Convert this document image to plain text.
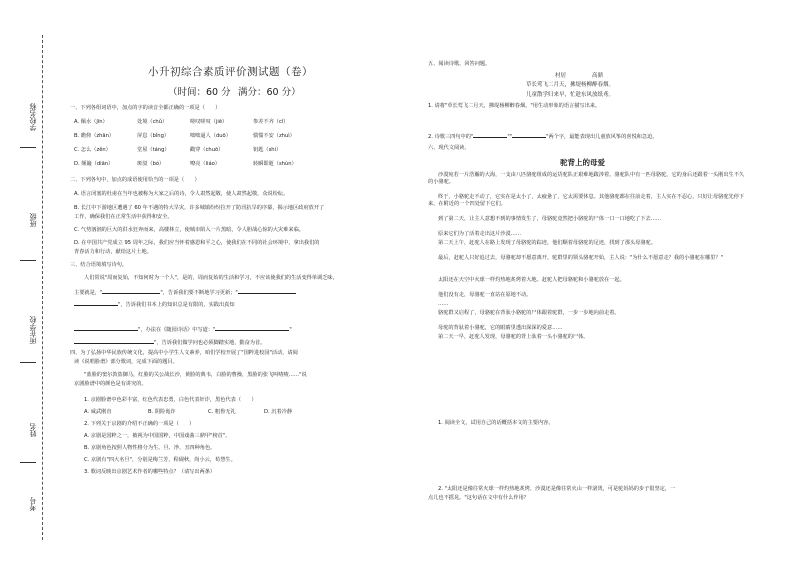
学校名称
班级
所在学校
姓名
考号
小升初综合素质评价测试题（卷）
（时间：60 分 满分：60 分）
一、下列各组词语中，加点的字的读音全都正确的一项是（　　）
A. 佩水（jīn）	处境（chǔ）	嗟叹嗟叹（jiē）	参差不齐（cī）
B. 瞻仰（zhān）	屏息（bǐng）	咄咄逼人（duō）	惴惴不安（zhuì）
C. 怎么（zěn）	堂屋（táng）	戳穿（chuō）	钥匙（shi）
D. 颠簸（diān）	斑驳（bó）	嘹亮（liáo）	转瞬即逝（shùn）
二、下列各句中，加点的成语使用恰当的一项是（　　）
A. 语言闭塞的杜甫在当年也被称为大家之后的诗，令人肃然起敬，使人肃然起敬，众说纷纭。
B. 长江中下游地区遭遇了 60 年不遇的特大旱灾，许多城镇纷纷拉开了防汛抗旱的序幕，揭示地区政府放开了
工作，确保我们在正常生活中获得和安全。
C. 气势汹汹的巨大的洪水狂奔而来，高楼林立，使城市陷入一片黑暗，令人胆战心惊的大灾难来临。
D. 在中国共产党成立 95 周年之际，我们应当怀着感恩和平之心，使我们在不同的社会环境中，拿出我们的
青春活力和行动，献给这片土地。
三、结合语境填写诗句。
人们常说"周而复始，不知何时为一个人"，是的，周而复始的生活和学习，不应该使我们的生活变得单调乏味，
主要就是，"	"，告诉我们要不断地学习更新；"
"，告诉我们书本上的知识总是有限的，实践出真知
"，办法在《随园诗话》中写道："	"
"，告诉我们做学问也必须脚踏实地，勤奋为首。
四、为了弘扬中华民族传统文化，提高中小学生人文素养，咱们学校开展了"国粹进校园"活动，请阅
读《说唱脸谱》部分歌词，完成下面的题目。
"蓝脸的窦尔敦盗御马，红脸的关公战长沙，黄脸的典韦，白脸的曹操，黑脸的张飞叫喳喳……"说
京剧脸谱中的颜色是有讲究的。
1. 京剧脸谱中色彩丰富，红色代表忠勇，白色代表奸诈，黑色代表（　　）
A. 威武刚直	B. 阴险诡诈	C. 粗鲁无礼	D. 沉着冷静
2. 下列关于京剧的介绍不正确的一项是（　　）
A. 京剧是国粹之一，被视为中国国粹，中国戏曲三鼎甲"榜首"。
B. 京剧角色按照人物性格分为生、旦、净、丑四种角色。
C. 京剧有"四大名旦"，分别是梅兰芳，程砚秋，尚小云，荀慧生。
3. 歌词反映出京剧艺术作者的哪些特点？（请写出两条）
五、阅读诗歌，回答问题。
村居	高鼎
草长莺飞二月天，拂堤杨柳醉春烟。
儿童散学归来早，忙趁东风放纸鸢。
1. 请将"草长莺飞二月天，拂堤杨柳醉春烟。"用生动形象的语言描写出来。
2. 诗歌三四句中的"	""	"两个字，最能表现出儿童放风筝的喜悦和急迫。
六、现代文阅读。
驼背上的母爱
沙漠宛若一片浩瀚的大海，一支由八匹骆驼组成的运货驼队正艰难地跋涉着。骆驼队中有一匹母骆驼，它的身后还跟着一头刚出生不久的小骆驼。
终于，小骆驼走不动了，它实在是太小了，太疲惫了，它太需要休息。其他骆驼都在往前走着，主人实在不忍心，只好让母骆驼先停下来，在附近的一个凹处留下它们。
到了第二天，让主人意想不到的事情发生了，母骆驼竟然把小骆驼的尸体一口一口地吃了下去……
原来它们为了活着走出这片沙漠……
第二天上午，赶驼人在路上发现了母骆驼的踪迹，他们顺着母骆驼的足迹，找到了那头母骆驼。
最后，赶驼人只好追过去，母骆驼却不愿意离开。驼群里的领头骆驼开始，主人说："为什么不愿意走？我的小骆驼在哪里？"
太阳还在天空中火球一样灼热地炙烤着大地。赶驼人把母骆驼和小骆驼放在一起。
他们没有走，母骆驼一直站在原地不动。
……
骆驼群又启程了，母骆驼在背驮小骆驼的尸体跟着驼群，一步一步地向前走着。
母驼的背驮着小骆驼，它的眼睛里透出深深的爱意……
第二天一早，赶驼人发现，母骆驼的背上驮着一头小骆驼的尸体。
1. 阅读全文，试用自己的话概括本文的主要内容。
2. "太阳还是像往常火球一样灼热地炙烤，沙漠还是像往常火山一样滚烫，可是驼妈妈的步子很坚定，一
点儿也不摇晃。"这句话在文中有什么作用？
